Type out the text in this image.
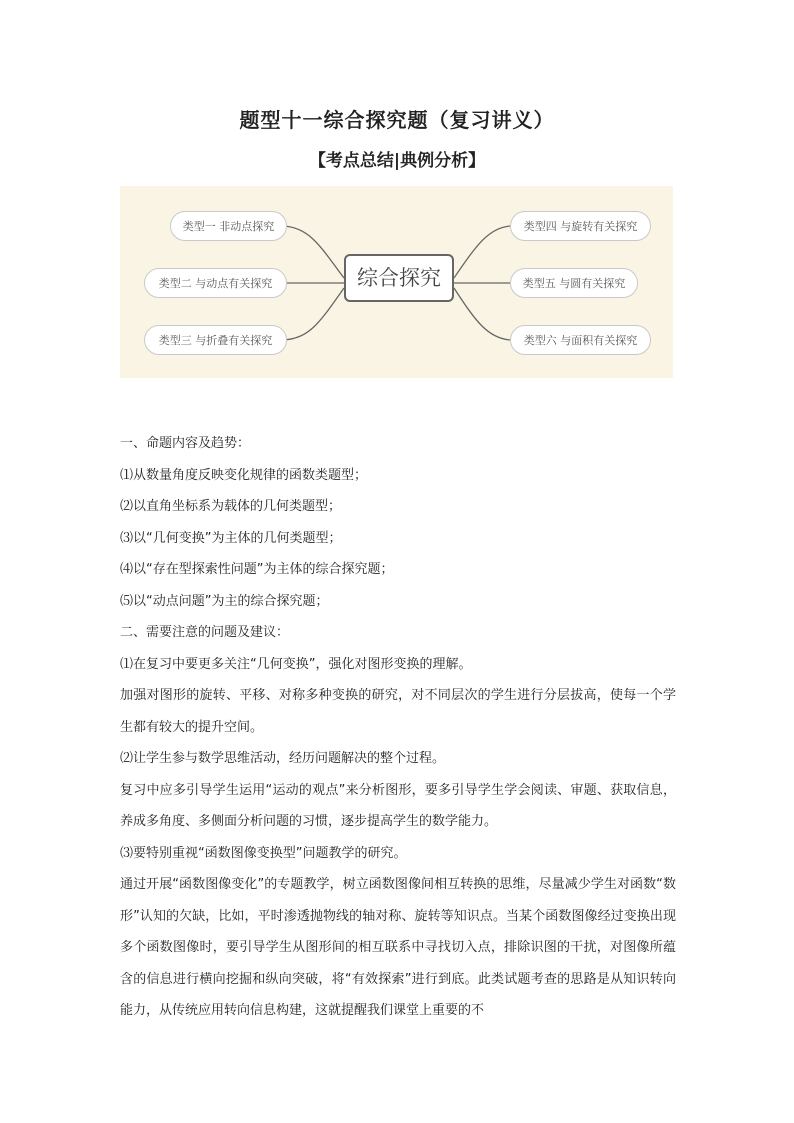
题型十一综合探究题（复习讲义）
【考点总结|典例分析】
类型一 非动点探究
类型二 与动点有关探究
类型三 与折叠有关探究
综合探究
类型四 与旋转有关探究
类型五 与圆有关探究
类型六 与面积有关探究

一、命题内容及趋势：

⑴从数量角度反映变化规律的函数类题型；

⑵以直角坐标系为载体的几何类题型；

⑶以“几何变换”为主体的几何类题型；

⑷以“存在型探索性问题”为主体的综合探究题；

⑸以“动点问题”为主的综合探究题；

二、需要注意的问题及建议：

⑴在复习中要更多关注“几何变换”，强化对图形变换的理解。

加强对图形的旋转、平移、对称多种变换的研究，对不同层次的学生进行分层拔高，使每一个学生都有较大的提升空间。

⑵让学生参与数学思维活动，经历问题解决的整个过程。

复习中应多引导学生运用“运动的观点”来分析图形，要多引导学生学会阅读、审题、获取信息，养成多角度、多侧面分析问题的习惯，逐步提高学生的数学能力。

⑶要特别重视“函数图像变换型”问题教学的研究。

通过开展“函数图像变化”的专题教学，树立函数图像间相互转换的思维，尽量减少学生对函数“数形”认知的欠缺，比如，平时渗透抛物线的轴对称、旋转等知识点。当某个函数图像经过变换出现多个函数图像时，要引导学生从图形间的相互联系中寻找切入点，排除识图的干扰，对图像所蕴含的信息进行横向挖掘和纵向突破，将“有效探索”进行到底。此类试题考查的思路是从知识转向能力，从传统应用转向信息构建，这就提醒我们课堂上重要的不
